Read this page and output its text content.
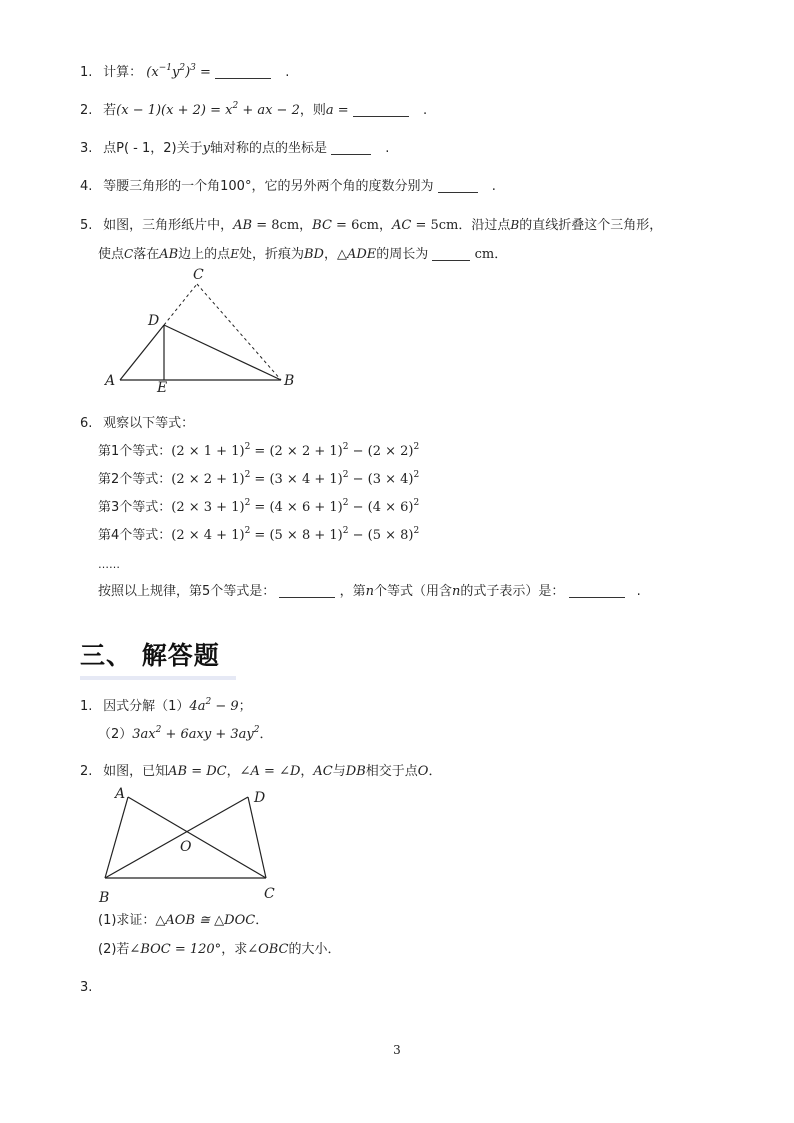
1. 计算： $(x^{-1}y^2)^3$ =	.
2. 若$(x - 1)(x + 2) = x^2$ + ax − 2，则a =	.
3. 点P( - 1，2)关于y轴对称的点的坐标是	.
4. 等腰三角形的一个角100°，它的另外两个角的度数分别为	.
5. 如图，三角形纸片中，AB = 8cm，BC = 6cm，AC = 5cm．沿过点B的直线折叠这个三角形，
使点C落在AB边上的点E处，折痕为BD，△ADE的周长为	cm．
C
D
A	E	B
6. 观察以下等式：
第1个等式：$(2 \times 1 + 1)^2 = (2 \times 2 + 1)^2 - (2 \times 2)^2$
第2个等式：$(2 \times 2 + 1)^2 = (3 \times 4 + 1)^2 - (3 \times 4)^2$
第3个等式：$(2 \times 3 + 1)^2 = (4 \times 6 + 1)^2 - (4 \times 6)^2$
第4个等式：$(2 \times 4 + 1)^2 = (5 \times 8 + 1)^2 - (5 \times 8)^2$
……
按照以上规律，第5个等式是：	，第n个等式（用含n的式子表示）是：	.
三、 解答题
1. 因式分解$(1)4a^2 - 9$；
$(2)3ax^2 + 6axy + 3ay^2$．
2. 如图，已知AB = DC，∠A = ∠D，AC与DB相交于点O．
A	D
O
B	C
(1)求证：△AOB ≅ △DOC．
(2)若∠BOC = 120°，求∠OBC的大小．
3.
3
